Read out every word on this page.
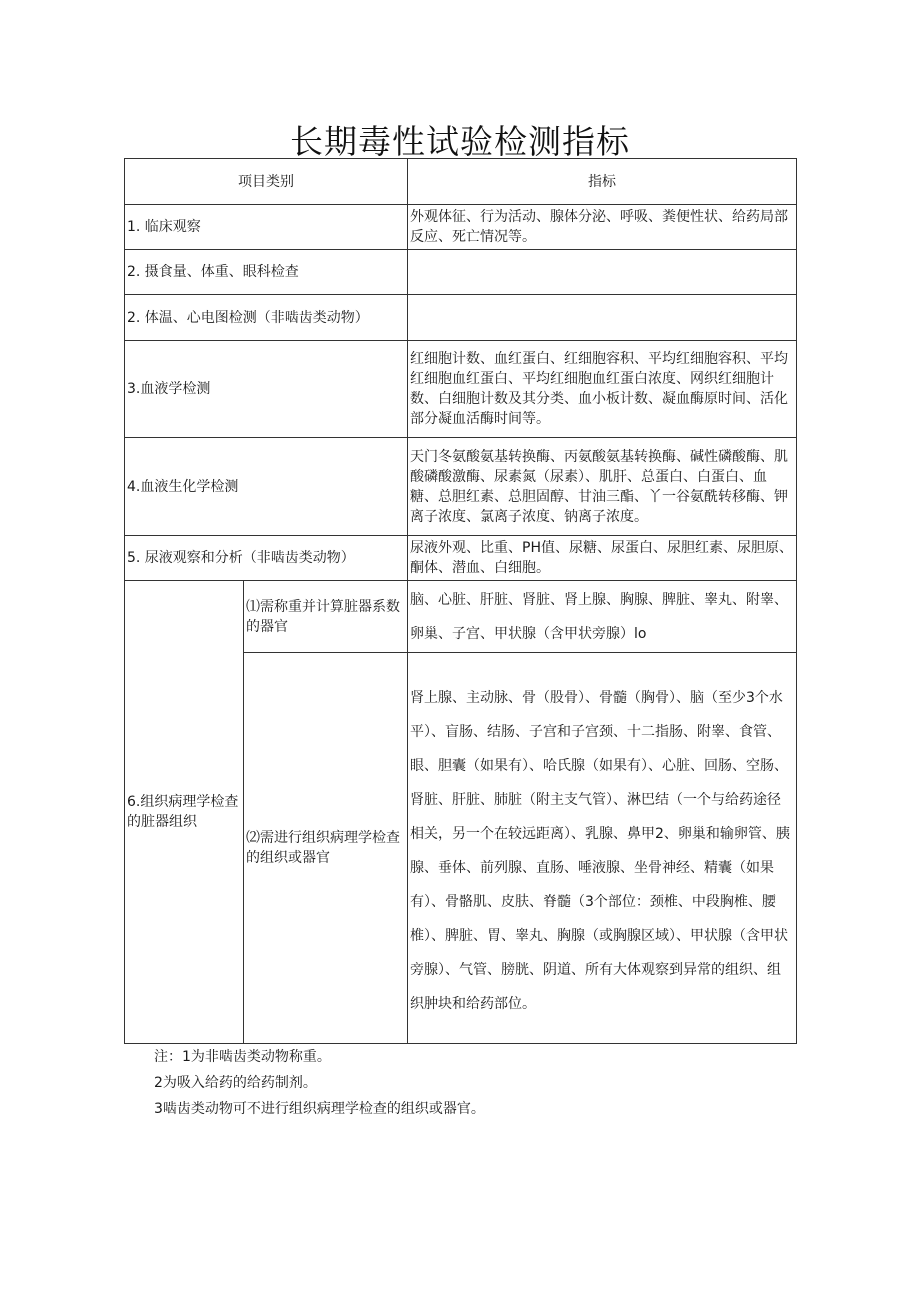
长期毒性试验检测指标
项目类别		指标
1. 临床观察		外观体征、行为活动、腺体分泌、呼吸、粪便性状、给药局部反应、死亡情况等。
2. 摄食量、体重、眼科检查		
2. 体温、心电图检测（非啮齿类动物）		
3.血液学检测		红细胞计数、血红蛋白、红细胞容积、平均红细胞容积、平均红细胞血红蛋白、平均红细胞血红蛋白浓度、网织红细胞计数、白细胞计数及其分类、血小板计数、凝血酶原时间、活化部分凝血活酶时间等。
4.血液生化学检测		天门冬氨酸氨基转换酶、丙氨酸氨基转换酶、碱性磷酸酶、肌酸磷酸激酶、尿素氮（尿素）、肌肝、总蛋白、白蛋白、血糖、总胆红素、总胆固醇、甘油三酯、丫一谷氨酰转移酶、钾离子浓度、氯离子浓度、钠离子浓度。
5. 尿液观察和分析（非啮齿类动物）		尿液外观、比重、PH值、尿糖、尿蛋白、尿胆红素、尿胆原、酮体、潜血、白细胞。
6.组织病理学检查的脏器组织	⑴需称重并计算脏器系数的器官	脑、心脏、肝脏、肾脏、肾上腺、胸腺、脾脏、睾丸、附睾、卵巢、子宫、甲状腺（含甲状旁腺）lo
	⑵需进行组织病理学检查的组织或器官	肾上腺、主动脉、骨（股骨）、骨髓（胸骨）、脑（至少3个水平）、盲肠、结肠、子宫和子宫颈、十二指肠、附睾、食管、眼、胆囊（如果有）、哈氏腺（如果有）、心脏、回肠、空肠、肾脏、肝脏、肺脏（附主支气管）、淋巴结（一个与给药途径相关，另一个在较远距离）、乳腺、鼻甲2、卵巢和输卵管、胰腺、垂体、前列腺、直肠、唾液腺、坐骨神经、精囊（如果有）、骨骼肌、皮肤、脊髓（3个部位：颈椎、中段胸椎、腰椎）、脾脏、胃、睾丸、胸腺（或胸腺区域）、甲状腺（含甲状旁腺）、气管、膀胱、阴道、所有大体观察到异常的组织、组织肿块和给药部位。
注：1为非啮齿类动物称重。
2为吸入给药的给药制剂。
3啮齿类动物可不进行组织病理学检查的组织或器官。
